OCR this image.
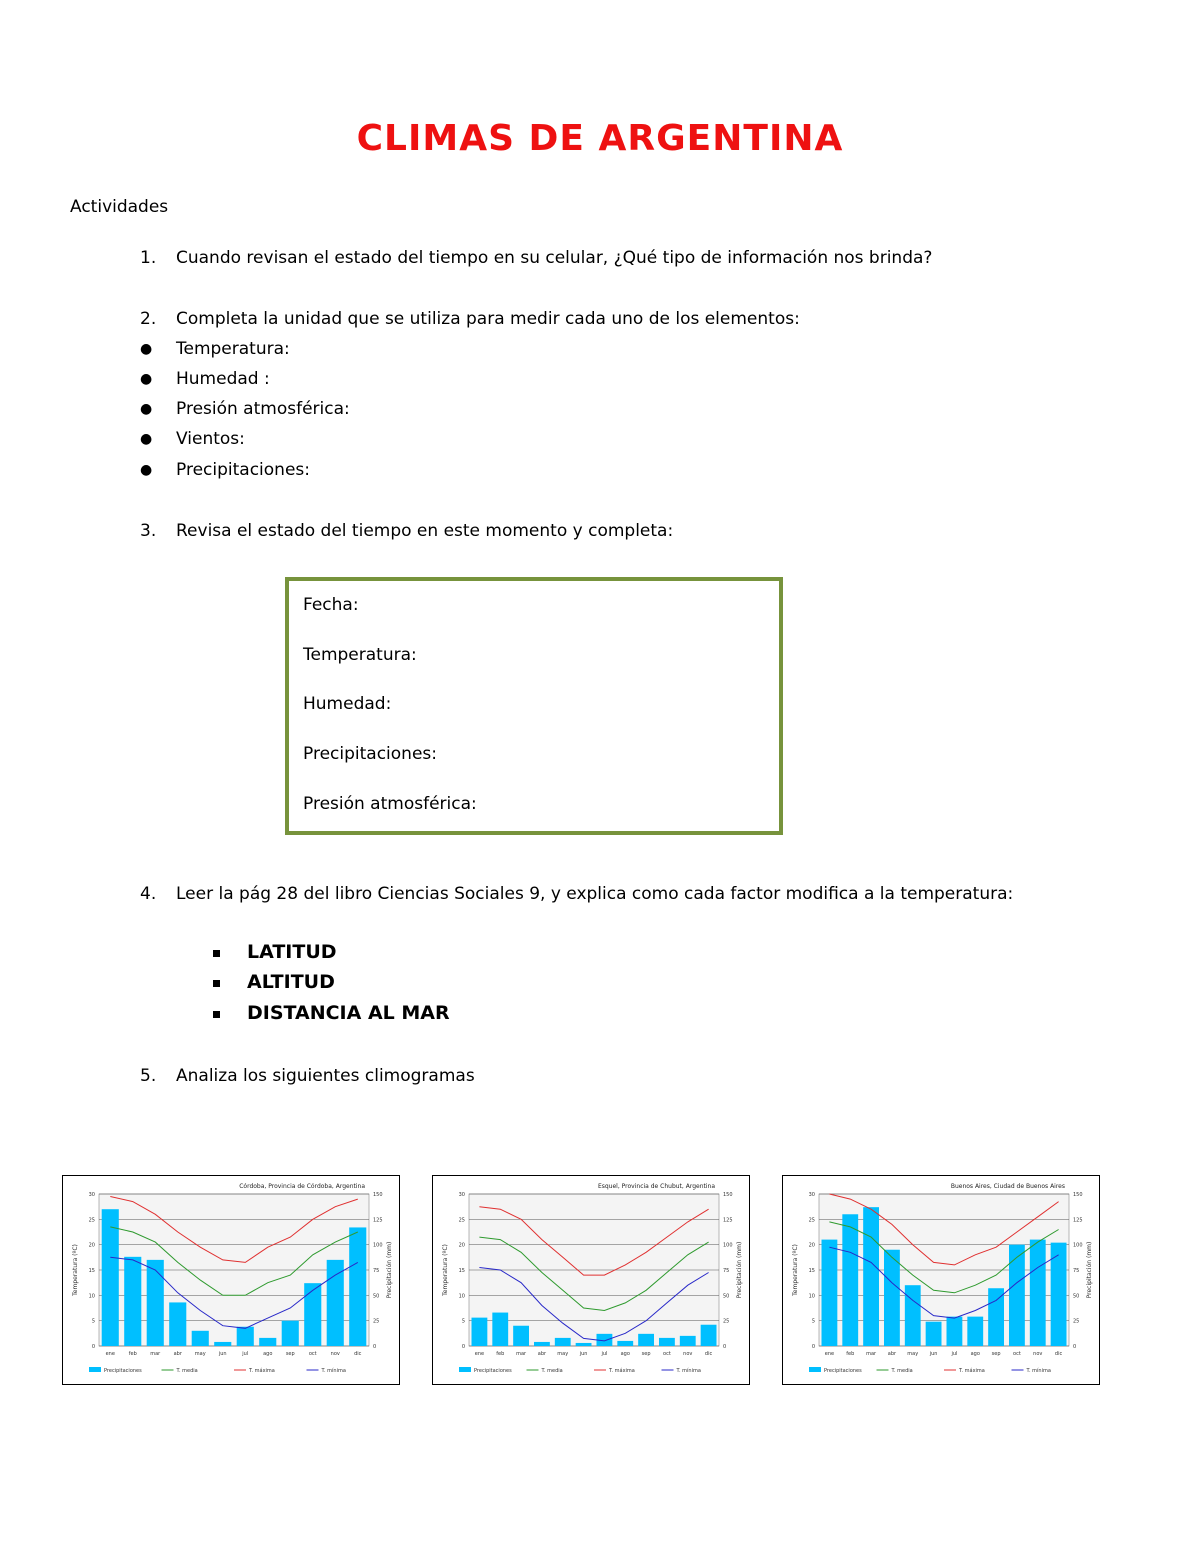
CLIMAS DE ARGENTINA
Actividades
1.	Cuando revisan el estado del tiempo en su celular, ¿Qué tipo de información nos brinda?
2.	Completa la unidad que se utiliza para medir cada uno de los elementos:
● Temperatura:
● Humedad :
● Presión atmosférica:
● Vientos:
● Precipitaciones:
3.	Revisa el estado del tiempo en este momento y completa:
Fecha:
Temperatura:
Humedad:
Precipitaciones:
Presión atmosférica:
4.	Leer la pág 28 del libro Ciencias Sociales 9, y explica como cada factor modifica a la temperatura:
LATITUD
ALTITUD
DISTANCIA AL MAR
5.	Analiza los siguientes climogramas
0	0
5	25
10	50
15	75
20	100
25	125
30	150
Temperatura (ºC)	Precipitación (mm)
Córdoba, Provincia de Córdoba, Argentina
ene	feb	mar	abr	may	jun	jul	ago	sep	oct	nov	dic
Precipitaciones	T. media	T. máxima	T. mínima
0	0
5	25
10	50
15	75
20	100
25	125
30	150
Temperatura (ºC)	Precipitación (mm)
Esquel, Provincia de Chubut, Argentina
ene feb mar abr may jun	jul	ago sep	oct nov	dic
Precipitaciones	T. media	T. máxima	T. mínima
0	0
5	25
10	50
15	75
20	100
25	125
30	150
Temperatura (ºC)	Precipitación (mm)
Buenos Aires, Ciudad de Buenos Aires
ene feb mar abr may jun	jul	ago sep	oct nov	dic
Precipitaciones	T. media	T. máxima	T. mínima
